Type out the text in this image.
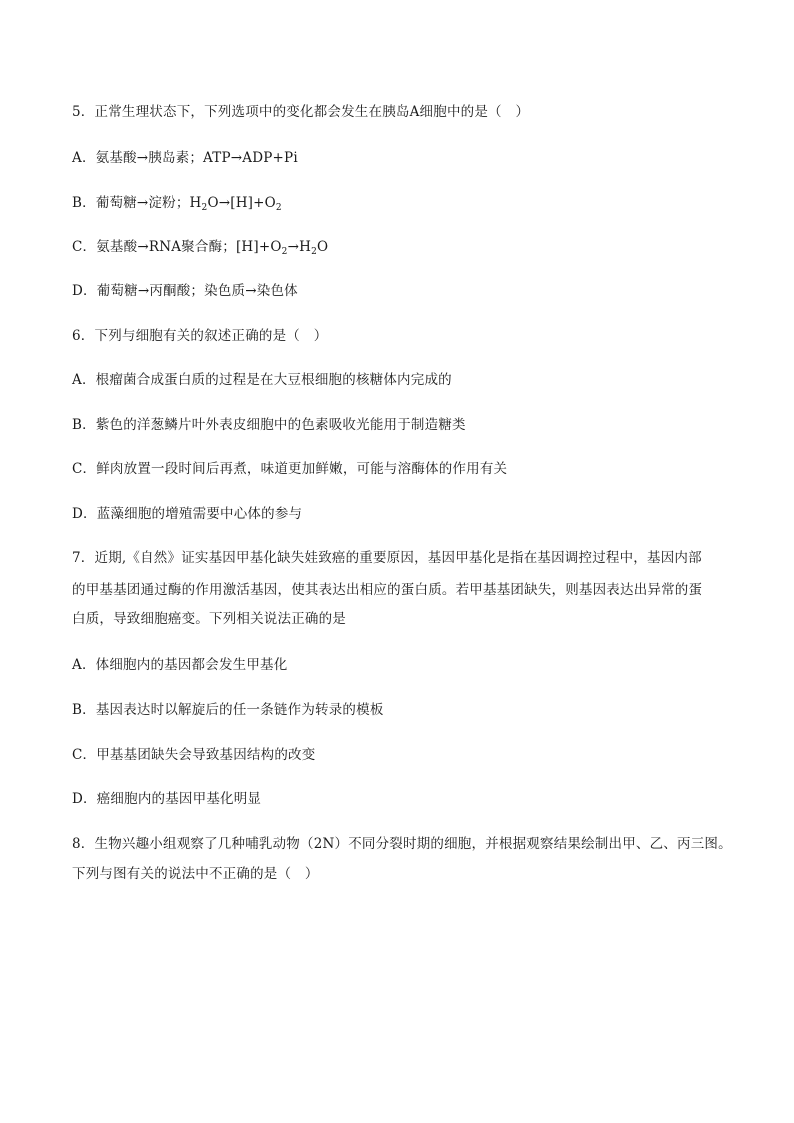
5．正常生理状态下，下列选项中的变化都会发生在胰岛A细胞中的是（　）
A．氨基酸→胰岛素；ATP→ADP+Pi
B．葡萄糖→淀粉；$H_2O\to[H]+O_2$
C．氨基酸→RNA聚合酶；$[H]+O_2\to H_2O$
D．葡萄糖→丙酮酸；染色质→染色体
6．下列与细胞有关的叙述正确的是（　）
A．根瘤菌合成蛋白质的过程是在大豆根细胞的核糖体内完成的
B．紫色的洋葱鳞片叶外表皮细胞中的色素吸收光能用于制造糖类
C．鲜肉放置一段时间后再煮，味道更加鲜嫩，可能与溶酶体的作用有关
D．蓝藻细胞的增殖需要中心体的参与
7．近期,《自然》证实基因甲基化缺失娃致癌的重要原因，基因甲基化是指在基因调控过程中，基因内部
的甲基基团通过酶的作用激活基因，使其表达出相应的蛋白质。若甲基基团缺失，则基因表达出异常的蛋
白质，导致细胞癌变。下列相关说法正确的是
A．体细胞内的基因都会发生甲基化
B．基因表达时以解旋后的任一条链作为转录的模板
C．甲基基团缺失会导致基因结构的改变
D．癌细胞内的基因甲基化明显
8．生物兴趣小组观察了几种哺乳动物（2N）不同分裂时期的细胞，并根据观察结果绘制出甲、乙、丙三图。
下列与图有关的说法中不正确的是（　）
